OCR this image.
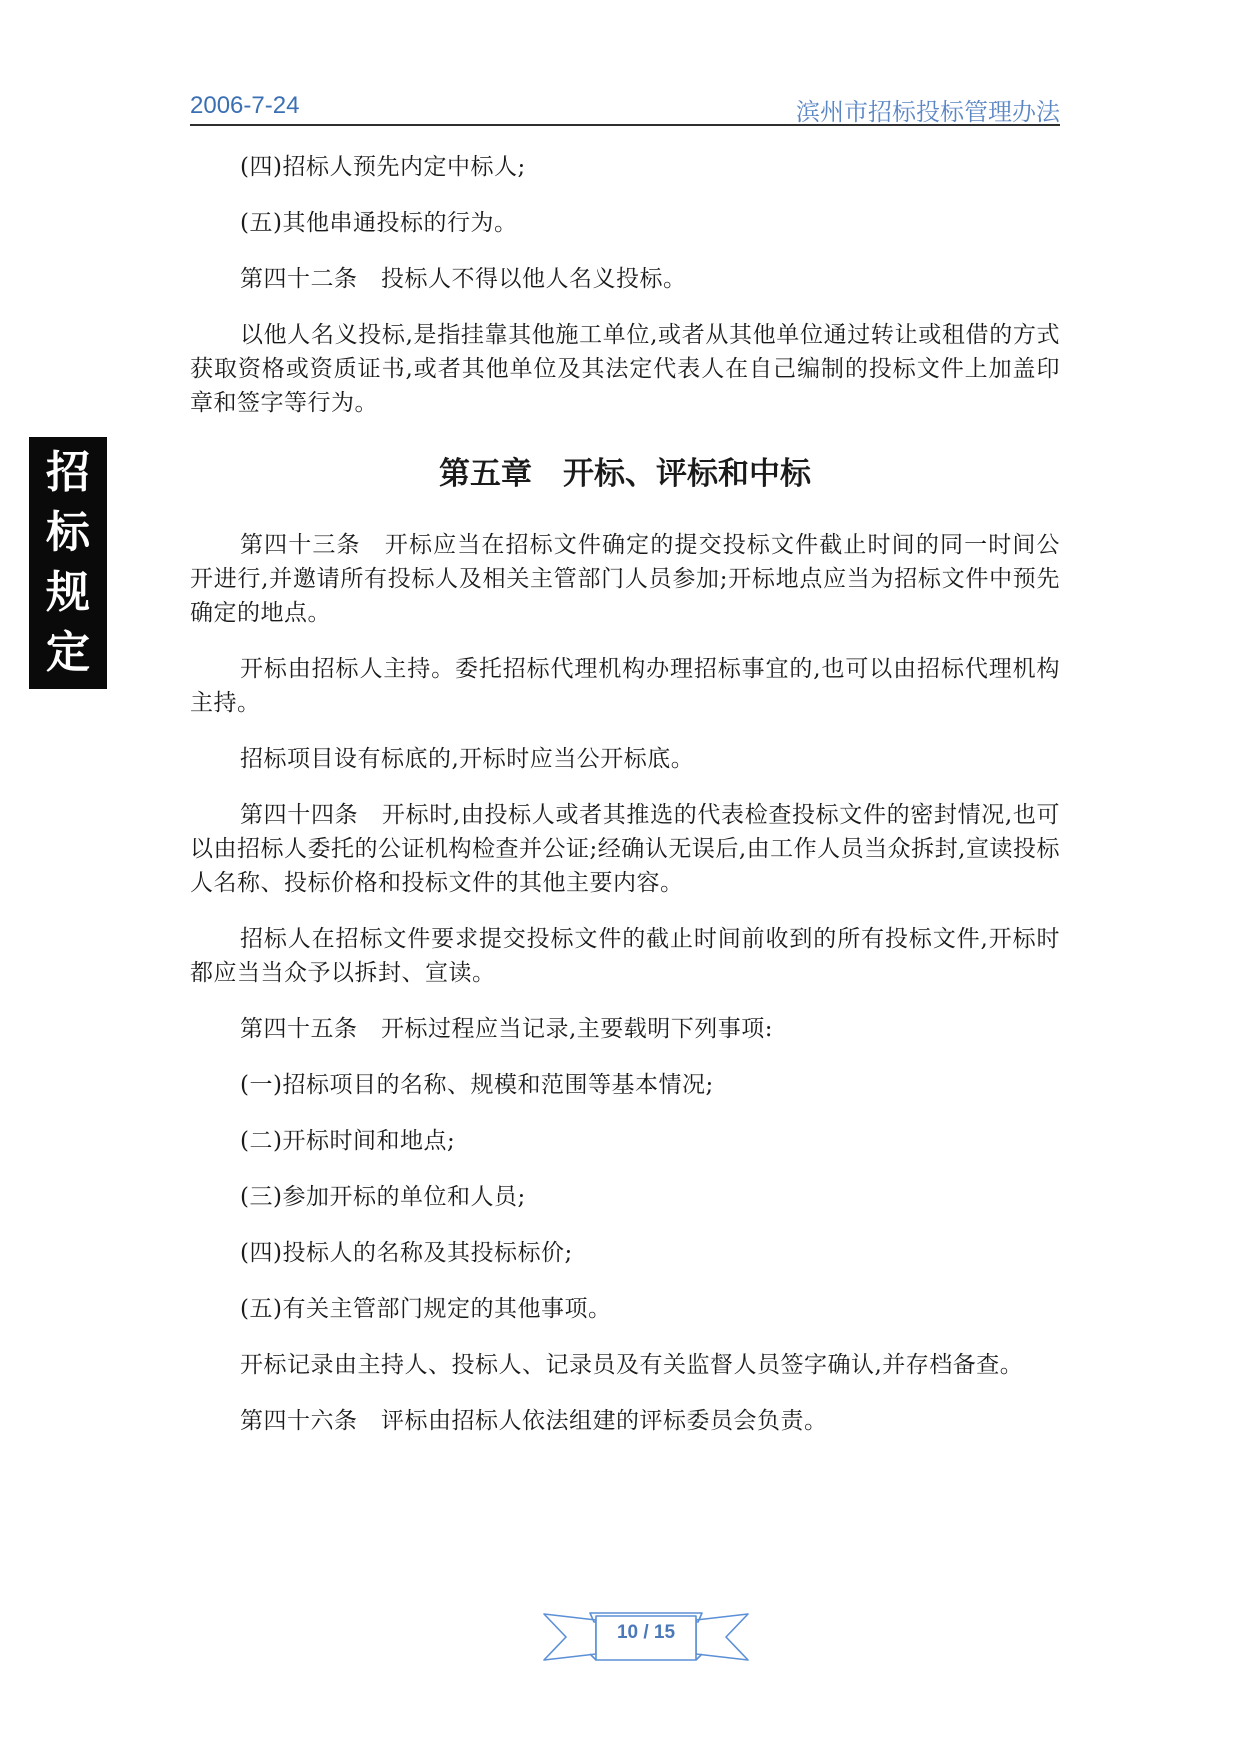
2006-7-24	滨州市招标投标管理办法
招
标
规
定

(四)招标人预先内定中标人;

(五)其他串通投标的行为。

第四十二条　投标人不得以他人名义投标。

以他人名义投标,是指挂靠其他施工单位,或者从其他单位通过转让或租借的方式获取资格或资质证书,或者其他单位及其法定代表人在自己编制的投标文件上加盖印章和签字等行为。

第五章　开标、评标和中标

第四十三条　开标应当在招标文件确定的提交投标文件截止时间的同一时间公开进行,并邀请所有投标人及相关主管部门人员参加;开标地点应当为招标文件中预先确定的地点。

开标由招标人主持。委托招标代理机构办理招标事宜的,也可以由招标代理机构主持。

招标项目设有标底的,开标时应当公开标底。

第四十四条　开标时,由投标人或者其推选的代表检查投标文件的密封情况,也可以由招标人委托的公证机构检查并公证;经确认无误后,由工作人员当众拆封,宣读投标人名称、投标价格和投标文件的其他主要内容。

招标人在招标文件要求提交投标文件的截止时间前收到的所有投标文件,开标时都应当当众予以拆封、宣读。

第四十五条　开标过程应当记录,主要载明下列事项:

(一)招标项目的名称、规模和范围等基本情况;

(二)开标时间和地点;

(三)参加开标的单位和人员;

(四)投标人的名称及其投标标价;

(五)有关主管部门规定的其他事项。

开标记录由主持人、投标人、记录员及有关监督人员签字确认,并存档备查。

第四十六条　评标由招标人依法组建的评标委员会负责。

10 / 15
